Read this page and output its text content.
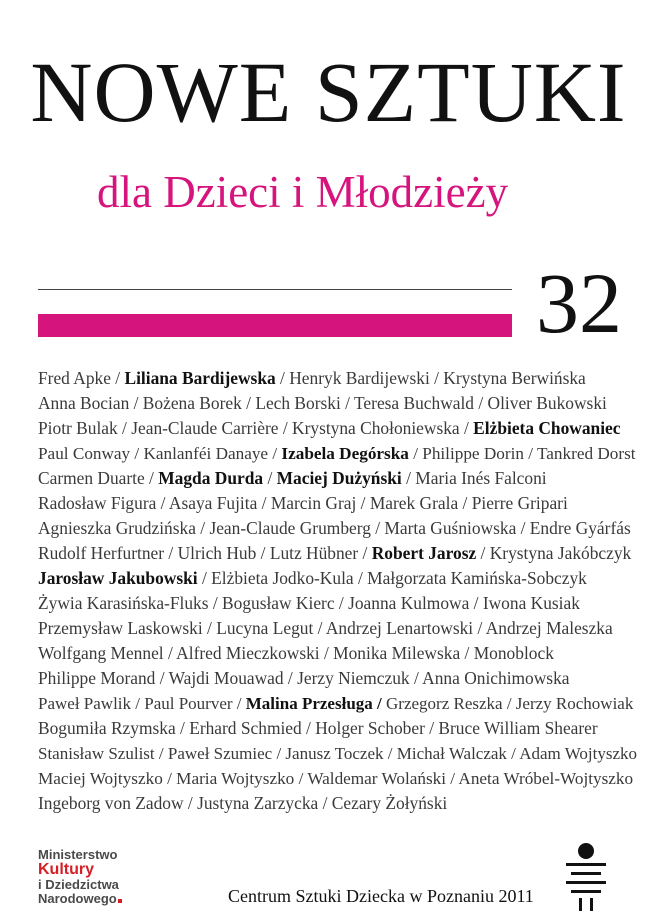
NOWE SZTUKI
dla Dzieci i Młodzieży
32
Fred Apke / Liliana Bardijewska / Henryk Bardijewski / Krystyna Berwińska
Anna Bocian / Bożena Borek / Lech Borski / Teresa Buchwald / Oliver Bukowski
Piotr Bulak / Jean-Claude Carrière / Krystyna Chołoniewska / Elżbieta Chowaniec
Paul Conway / Kanlanféi Danaye / Izabela Degórska / Philippe Dorin / Tankred Dorst
Carmen Duarte / Magda Durda / Maciej Dużyński / Maria Inés Falconi
Radosław Figura / Asaya Fujita / Marcin Graj / Marek Grala / Pierre Gripari
Agnieszka Grudzińska / Jean-Claude Grumberg / Marta Guśniowska / Endre Gyárfás
Rudolf Herfurtner / Ulrich Hub / Lutz Hübner / Robert Jarosz / Krystyna Jakóbczyk
Jarosław Jakubowski / Elżbieta Jodko-Kula / Małgorzata Kamińska-Sobczyk
Żywia Karasińska-Fluks / Bogusław Kierc / Joanna Kulmowa / Iwona Kusiak
Przemysław Laskowski / Lucyna Legut / Andrzej Lenartowski / Andrzej Maleszka
Wolfgang Mennel / Alfred Mieczkowski / Monika Milewska / Monoblock
Philippe Morand / Wajdi Mouawad / Jerzy Niemczuk / Anna Onichimowska
Paweł Pawlik / Paul Pourver / Malina Przesługa / Grzegorz Reszka / Jerzy Rochowiak
Bogumiła Rzymska / Erhard Schmied / Holger Schober / Bruce William Shearer
Stanisław Szulist / Paweł Szumiec / Janusz Toczek / Michał Walczak / Adam Wojtyszko
Maciej Wojtyszko / Maria Wojtyszko / Waldemar Wolański / Aneta Wróbel-Wojtyszko
Ingeborg von Zadow / Justyna Zarzycka / Cezary Żołyński
Ministerstwo
Kultury
i Dziedzictwa
Narodowego	Centrum Sztuki Dziecka w Poznaniu 2011
